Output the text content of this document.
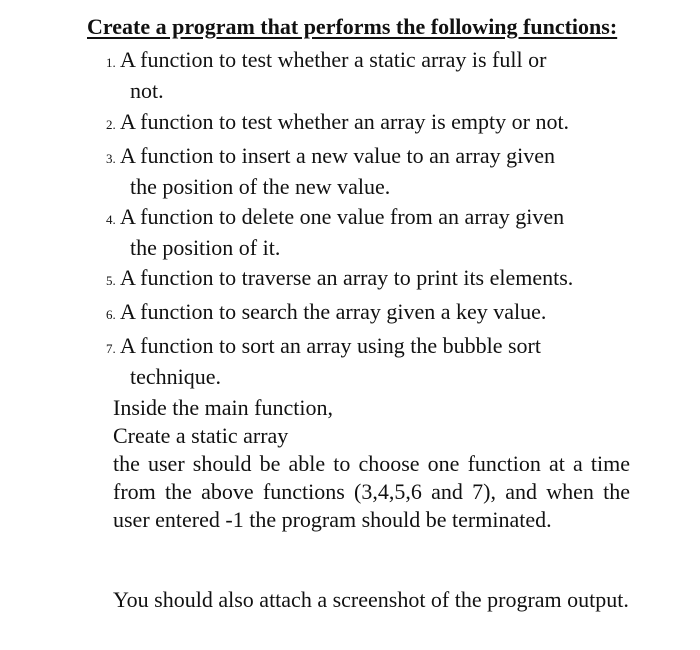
Create a program that performs the following functions:
1. A function to test whether a static array is full or
not.
2. A function to test whether an array is empty or not.
3. A function to insert a new value to an array given
the position of the new value.
4. A function to delete one value from an array given
the position of it.
5. A function to traverse an array to print its elements.
6. A function to search the array given a key value.
7. A function to sort an array using the bubble sort
technique.
Inside the main function,
Create a static array
the user should be able to choose one function at a time from the above functions (3,4,5,6 and 7), and when the user entered -1 the program should be terminated.
You should also attach a screenshot of the program output.
